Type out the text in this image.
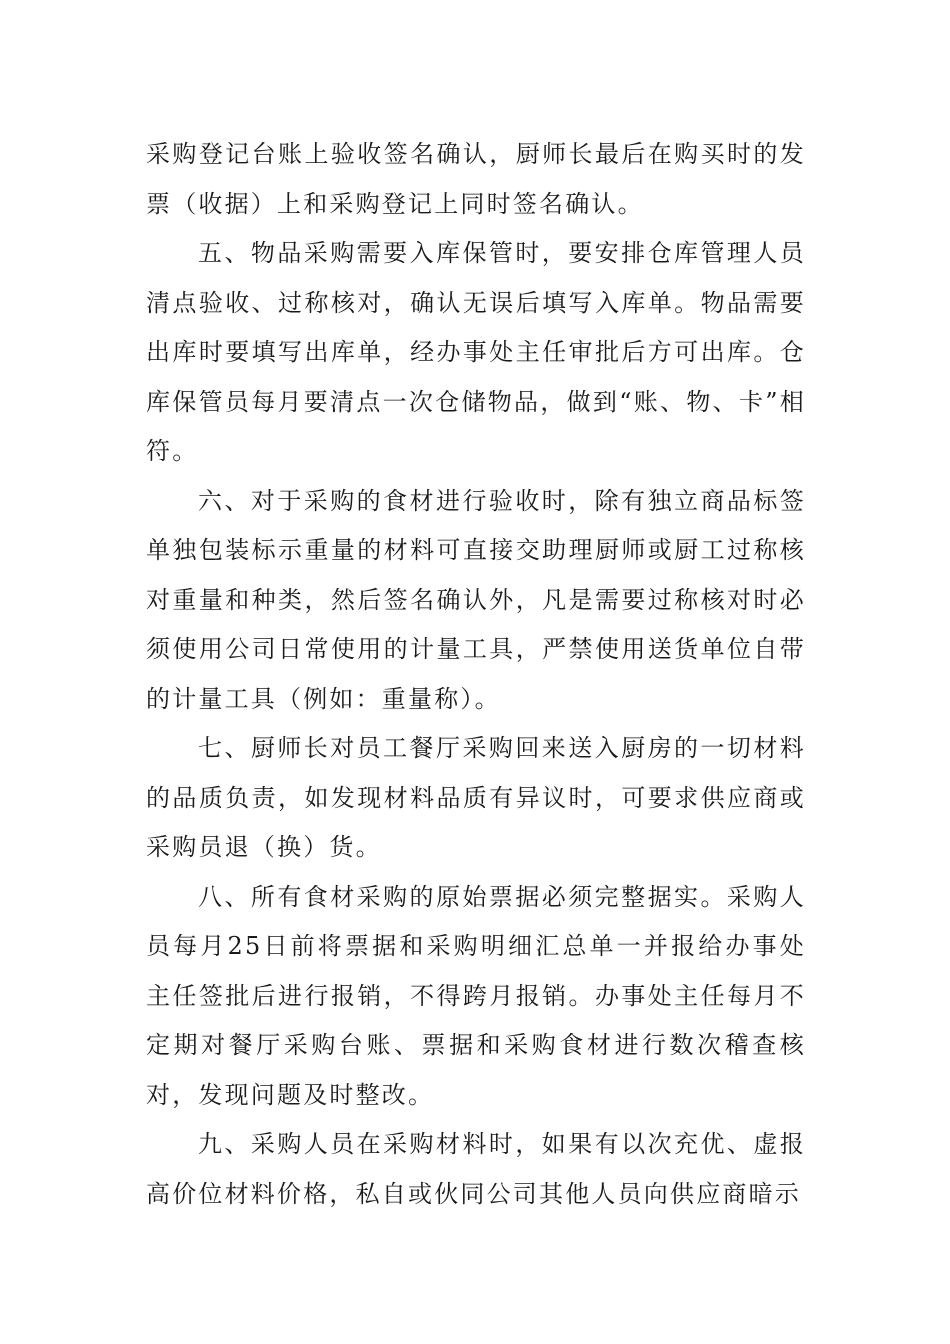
采购登记台账上验收签名确认，厨师长最后在购买时的发票（收据）上和采购登记上同时签名确认。

五、物品采购需要入库保管时，要安排仓库管理人员清点验收、过称核对，确认无误后填写入库单。物品需要出库时要填写出库单，经办事处主任审批后方可出库。仓库保管员每月要清点一次仓储物品，做到“账、物、卡”相符。

六、对于采购的食材进行验收时，除有独立商品标签单独包装标示重量的材料可直接交助理厨师或厨工过称核对重量和种类，然后签名确认外，凡是需要过称核对时必须使用公司日常使用的计量工具，严禁使用送货单位自带的计量工具（例如：重量称）。

七、厨师长对员工餐厅采购回来送入厨房的一切材料的品质负责，如发现材料品质有异议时，可要求供应商或采购员退（换）货。

八、所有食材采购的原始票据必须完整据实。采购人员每月25日前将票据和采购明细汇总单一并报给办事处主任签批后进行报销，不得跨月报销。办事处主任每月不定期对餐厅采购台账、票据和采购食材进行数次稽查核对，发现问题及时整改。

九、采购人员在采购材料时，如果有以次充优、虚报高价位材料价格，私自或伙同公司其他人员向供应商暗示
